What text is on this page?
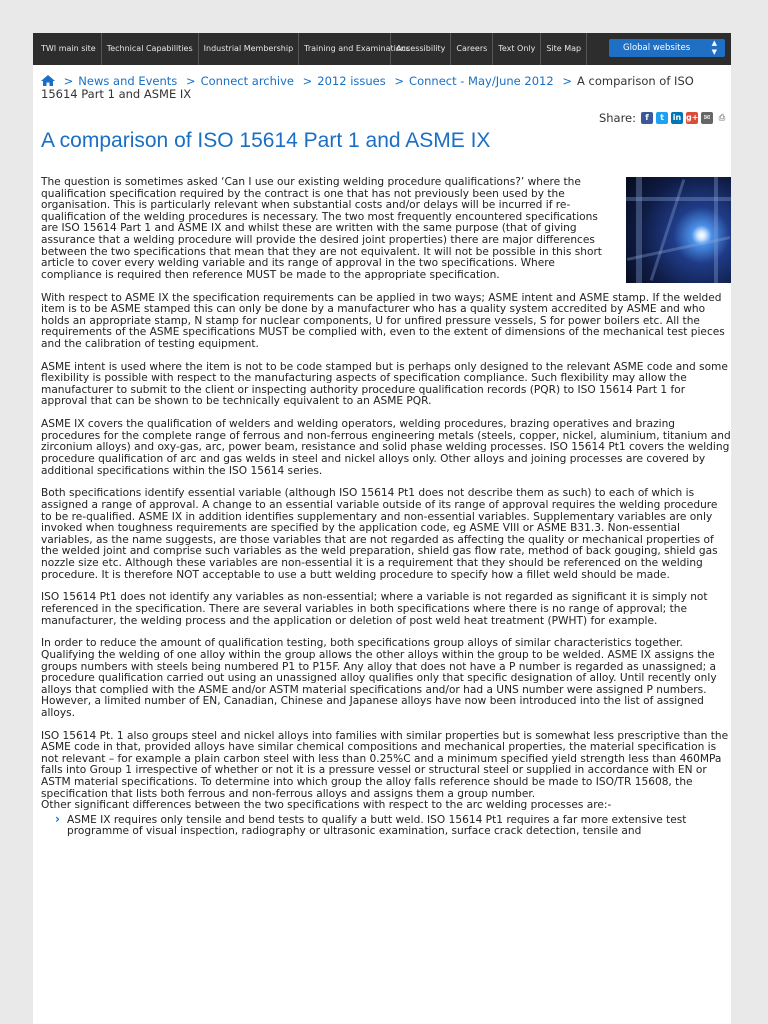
TWI main site	Technical Capabilities	Industrial Membership	Training and Examinations
Accessibility	Careers	Text Only	Site Map	Global websites	▲
▼
> News and Events > Connect archive > 2012 issues > Connect - May/June 2012 > A comparison of ISO 15614 Part 1 and ASME IX
Share:	f	t	in g+ ✉	⎙
A comparison of ISO 15614 Part 1 and ASME IX

The question is sometimes asked ‘Can I use our existing welding procedure qualifications?’ where the qualification specification required by the contract is one that has not previously been used by the organisation. This is particularly relevant when substantial costs and/or delays will be incurred if re-qualification of the welding procedures is necessary. The two most frequently encountered specifications are ISO 15614 Part 1 and ASME IX and whilst these are written with the same purpose (that of giving assurance that a welding procedure will provide the desired joint properties) there are major differences between the two specifications that mean that they are not equivalent. It will not be possible in this short article to cover every welding variable and its range of approval in the two specifications. Where compliance is required then reference MUST be made to the appropriate specification.

With respect to ASME IX the specification requirements can be applied in two ways; ASME intent and ASME stamp. If the welded item is to be ASME stamped this can only be done by a manufacturer who has a quality system accredited by ASME and who holds an appropriate stamp, N stamp for nuclear components, U for unfired pressure vessels, S for power boilers etc. All the requirements of the ASME specifications MUST be complied with, even to the extent of dimensions of the mechanical test pieces and the calibration of testing equipment.

ASME intent is used where the item is not to be code stamped but is perhaps only designed to the relevant ASME code and some flexibility is possible with respect to the manufacturing aspects of specification compliance. Such flexibility may allow the manufacturer to submit to the client or inspecting authority procedure qualification records (PQR) to ISO 15614 Part 1 for approval that can be shown to be technically equivalent to an ASME PQR.

ASME IX covers the qualification of welders and welding operators, welding procedures, brazing operatives and brazing procedures for the complete range of ferrous and non-ferrous engineering metals (steels, copper, nickel, aluminium, titanium and zirconium alloys) and oxy-gas, arc, power beam, resistance and solid phase welding processes. ISO 15614 Pt1 covers the welding procedure qualification of arc and gas welds in steel and nickel alloys only. Other alloys and joining processes are covered by additional specifications within the ISO 15614 series.

Both specifications identify essential variable (although ISO 15614 Pt1 does not describe them as such) to each of which is assigned a range of approval. A change to an essential variable outside of its range of approval requires the welding procedure to be re-qualified. ASME IX in addition identifies supplementary and non-essential variables. Supplementary variables are only invoked when toughness requirements are specified by the application code, eg ASME VIII or ASME B31.3. Non-essential variables, as the name suggests, are those variables that are not regarded as affecting the quality or mechanical properties of the welded joint and comprise such variables as the weld preparation, shield gas flow rate, method of back gouging, shield gas nozzle size etc. Although these variables are non-essential it is a requirement that they should be referenced on the welding procedure. It is therefore NOT acceptable to use a butt welding procedure to specify how a fillet weld should be made.

ISO 15614 Pt1 does not identify any variables as non-essential; where a variable is not regarded as significant it is simply not referenced in the specification. There are several variables in both specifications where there is no range of approval; the manufacturer, the welding process and the application or deletion of post weld heat treatment (PWHT) for example.

In order to reduce the amount of qualification testing, both specifications group alloys of similar characteristics together. Qualifying the welding of one alloy within the group allows the other alloys within the group to be welded. ASME IX assigns the groups numbers with steels being numbered P1 to P15F. Any alloy that does not have a P number is regarded as unassigned; a procedure qualification carried out using an unassigned alloy qualifies only that specific designation of alloy. Until recently only alloys that complied with the ASME and/or ASTM material specifications and/or had a UNS number were assigned P numbers. However, a limited number of EN, Canadian, Chinese and Japanese alloys have now been introduced into the list of assigned alloys.

ISO 15614 Pt. 1 also groups steel and nickel alloys into families with similar properties but is somewhat less prescriptive than the ASME code in that, provided alloys have similar chemical compositions and mechanical properties, the material specification is not relevant – for example a plain carbon steel with less than 0.25%C and a minimum specified yield strength less than 460MPa falls into Group 1 irrespective of whether or not it is a pressure vessel or structural steel or supplied in accordance with EN or ASTM material specifications. To determine into which group the alloy falls reference should be made to ISO/TR 15608, the specification that lists both ferrous and non-ferrous alloys and assigns them a group number.

Other significant differences between the two specifications with respect to the arc welding processes are:-

› ASME IX requires only tensile and bend tests to qualify a butt weld. ISO 15614 Pt1 requires a far more extensive test programme of visual inspection, radiography or ultrasonic examination, surface crack detection, tensile and
